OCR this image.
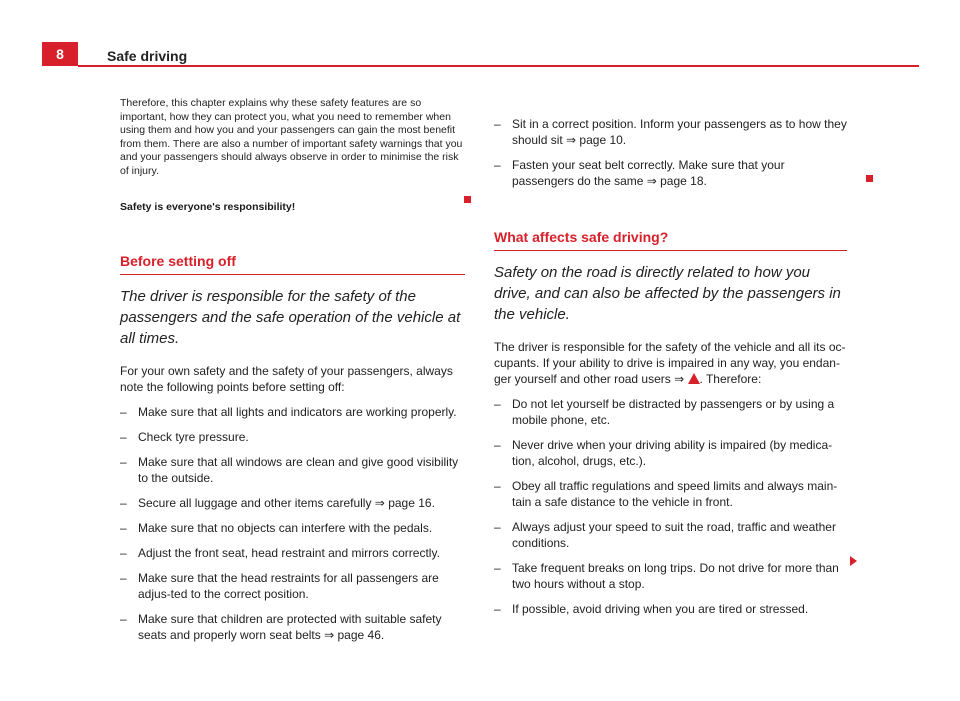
8	Safe driving

Therefore, this chapter explains why these safety features are so important, how they can protect you, what you need to remember when using them and how you and your passengers can gain the most benefit from them. There are also a number of important safety warnings that you and your passengers should always observe in order to minimise the risk of injury.

Safety is everyone's responsibility!

Before setting off

The driver is responsible for the safety of the passengers and the safe operation of the vehicle at all times.

For your own safety and the safety of your passengers, always note the following points before setting off:

– Make sure that all lights and indicators are working properly.
– Check tyre pressure.
– Make sure that all windows are clean and give good visibility to the outside.
– Secure all luggage and other items carefully ⇒ page 16.
– Make sure that no objects can interfere with the pedals.
– Adjust the front seat, head restraint and mirrors correctly.
– Make sure that the head restraints for all passengers are adjus-ted to the correct position.
– Make sure that children are protected with suitable safety seats and properly worn seat belts ⇒ page 46.
– Sit in a correct position. Inform your passengers as to how they should sit ⇒ page 10.
– Fasten your seat belt correctly. Make sure that your passengers do the same ⇒ page 18.
What affects safe driving?

Safety on the road is directly related to how you drive, and can also be affected by the passengers in the vehicle.

The driver is responsible for the safety of the vehicle and all its oc-cupants. If your ability to drive is impaired in any way, you endan-ger yourself and other road users ⇒ . Therefore:

– Do not let yourself be distracted by passengers or by using a mobile phone, etc.
– Never drive when your driving ability is impaired (by medica-tion, alcohol, drugs, etc.).
– Obey all traffic regulations and speed limits and always main-tain a safe distance to the vehicle in front.
– Always adjust your speed to suit the road, traffic and weather conditions.
– Take frequent breaks on long trips. Do not drive for more than two hours without a stop.
– If possible, avoid driving when you are tired or stressed.
